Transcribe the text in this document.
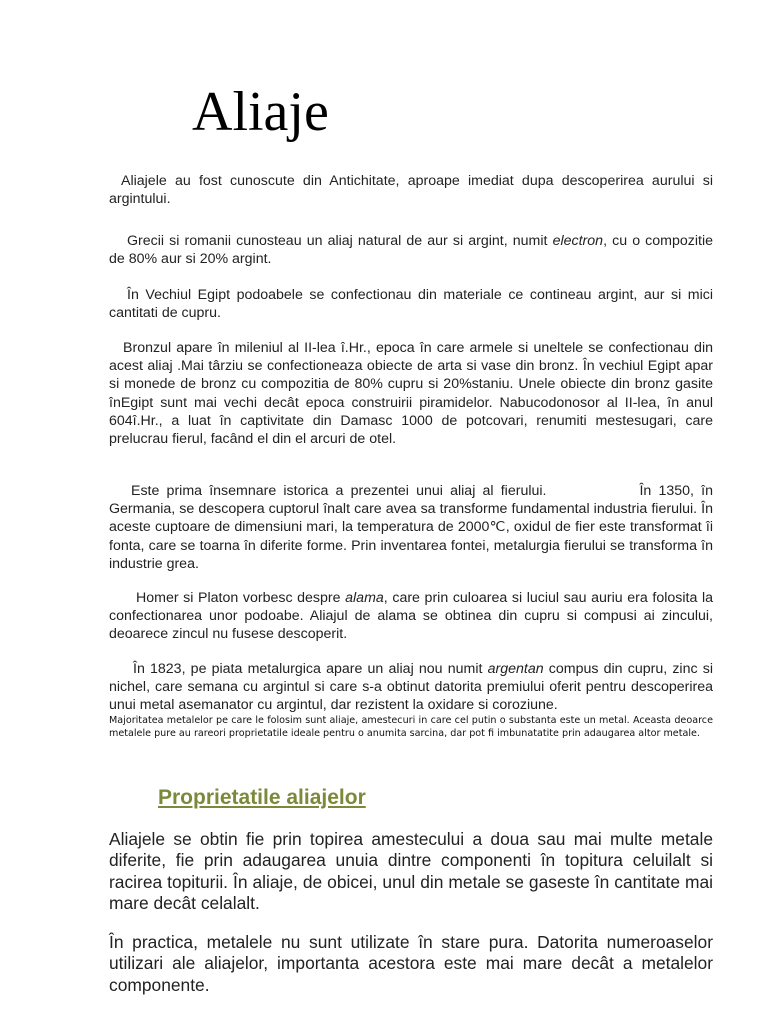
Aliaje

Aliajele au fost cunoscute din Antichitate, aproape imediat dupa descoperirea aurului si argintului.

Grecii si romanii cunosteau un aliaj natural de aur si argint, numit electron, cu o compozitie de 80% aur si 20% argint.

În Vechiul Egipt podoabele se confectionau din materiale ce contineau argint, aur si mici cantitati de cupru.

Bronzul apare în mileniul al II-lea î.Hr., epoca în care armele si uneltele se confectionau din acest aliaj .Mai târziu se confectioneaza obiecte de arta si vase din bronz. În vechiul Egipt apar si monede de bronz cu compozitia de 80% cupru si 20%staniu. Unele obiecte din bronz gasite înEgipt sunt mai vechi decât epoca construirii piramidelor. Nabucodonosor al II-lea, în anul 604î.Hr., a luat în captivitate din Damasc 1000 de potcovari, renumiti mestesugari, care prelucrau fierul, facând el din el arcuri de otel.

Este prima însemnare istorica a prezentei unui aliaj al fierului.	În 1350, în Germania, se descopera cuptorul înalt care avea sa transforme fundamental industria fierului. În aceste cuptoare de dimensiuni mari, la temperatura de 2000℃, oxidul de fier este transformat îi fonta, care se toarna în diferite forme. Prin inventarea fontei, metalurgia fierului se transforma în industrie grea.

Homer si Platon vorbesc despre alama, care prin culoarea si luciul sau auriu era folosita la confectionarea unor podoabe. Aliajul de alama se obtinea din cupru si compusi ai zincului, deoarece zincul nu fusese descoperit.

În 1823, pe piata metalurgica apare un aliaj nou numit argentan compus din cupru, zinc si nichel, care semana cu argintul si care s-a obtinut datorita premiului oferit pentru descoperirea unui metal asemanator cu argintul, dar rezistent la oxidare si coroziune.

Majoritatea metalelor pe care le folosim sunt aliaje, amestecuri in care cel putin o substanta este un metal. Aceasta deoarce metalele pure au rareori proprietatile ideale pentru o anumita sarcina, dar pot fi imbunatatite prin adaugarea altor metale.

Proprietatile aliajelor

Aliajele se obtin fie prin topirea amestecului a doua sau mai multe metale diferite, fie prin adaugarea unuia dintre componenti în topitura celuilalt si racirea topiturii. În aliaje, de obicei, unul din metale se gaseste în cantitate mai mare decât celalalt.

În practica, metalele nu sunt utilizate în stare pura. Datorita numeroaselor utilizari ale aliajelor, importanta acestora este mai mare decât a metalelor componente.
